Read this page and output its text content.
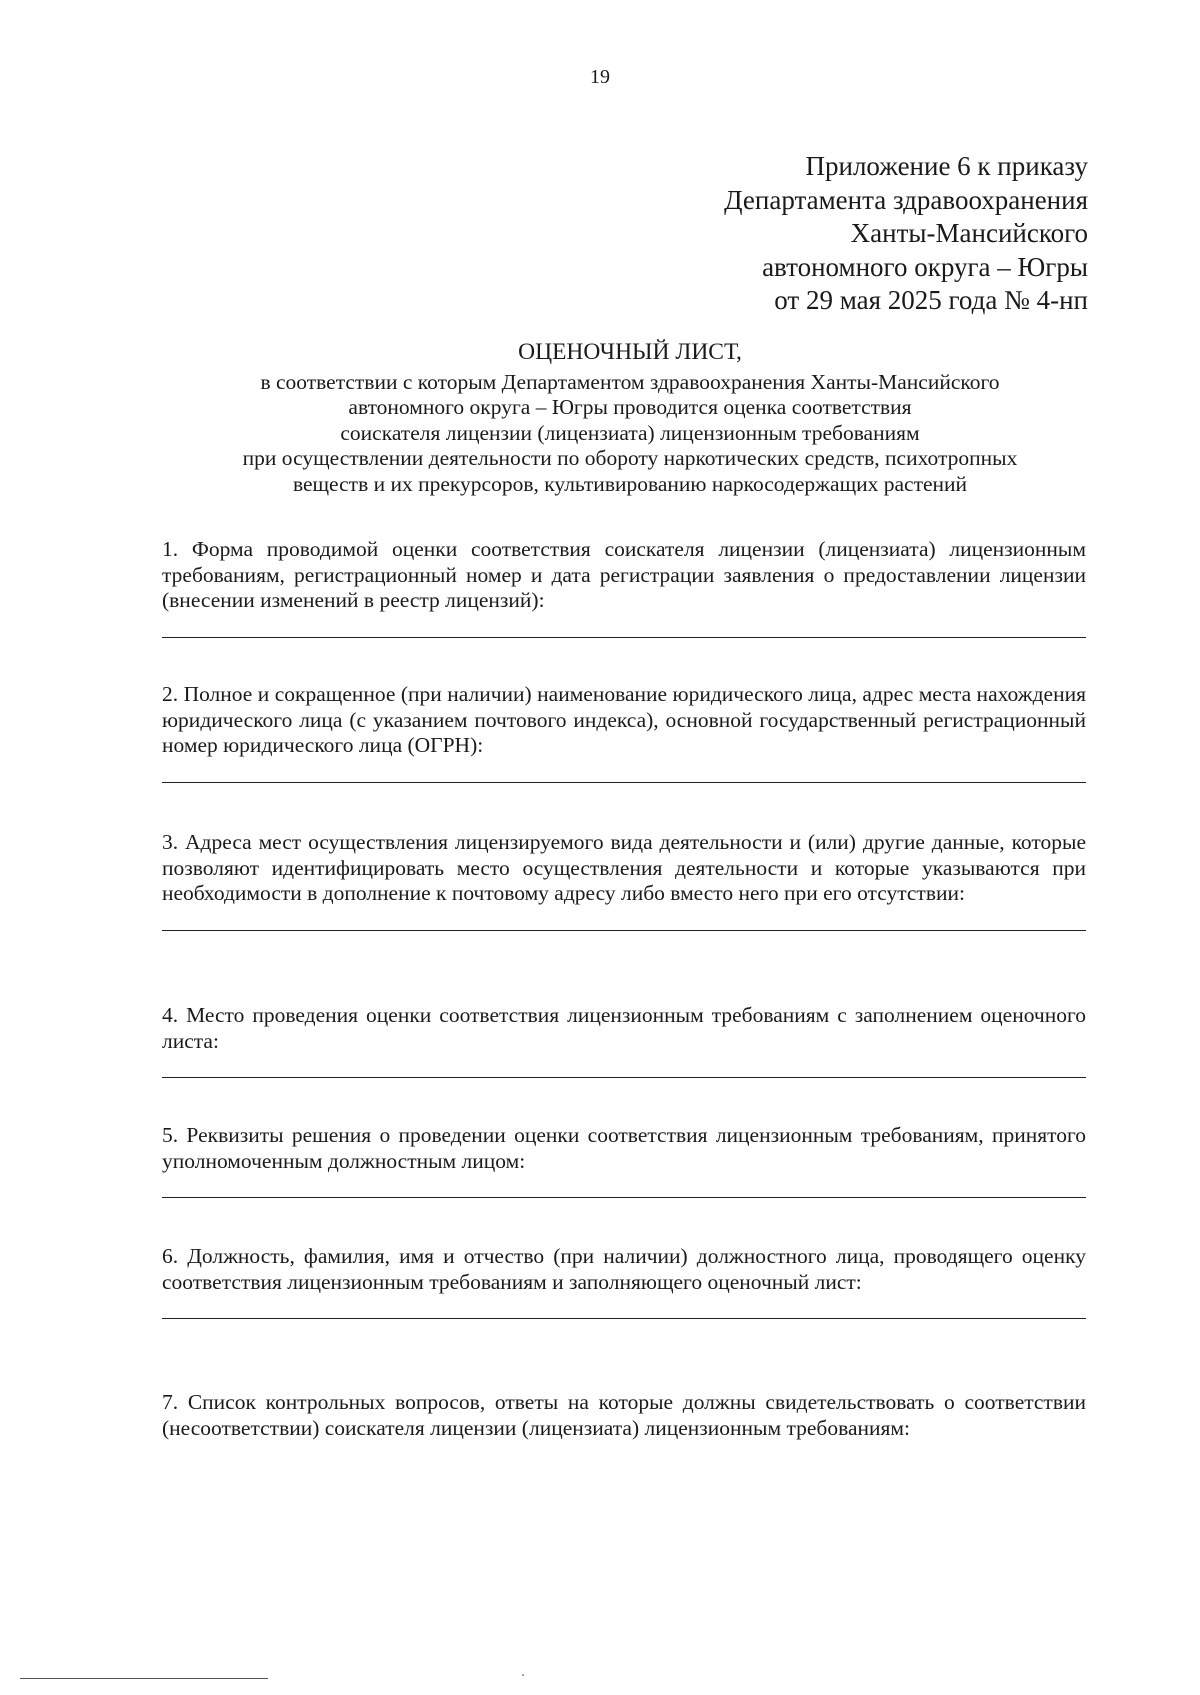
19
Приложение 6 к приказу
Департамента здравоохранения
Ханты-Мансийского
автономного округа – Югры
от 29 мая 2025 года № 4-нп
ОЦЕНОЧНЫЙ ЛИСТ,
в соответствии с которым Департаментом здравоохранения Ханты-Мансийского
автономного округа – Югры проводится оценка соответствия
соискателя лицензии (лицензиата) лицензионным требованиям
при осуществлении деятельности по обороту наркотических средств, психотропных
веществ и их прекурсоров, культивированию наркосодержащих растений
1. Форма проводимой оценки соответствия соискателя лицензии (лицензиата) лицензионным требованиям, регистрационный номер и дата регистрации заявления о предоставлении лицензии (внесении изменений в реестр лицензий):
2. Полное и сокращенное (при наличии) наименование юридического лица, адрес места нахождения юридического лица (с указанием почтового индекса), основной государственный регистрационный номер юридического лица (ОГРН):
3. Адреса мест осуществления лицензируемого вида деятельности и (или) другие данные, которые позволяют идентифицировать место осуществления деятельности и которые указываются при необходимости в дополнение к почтовому адресу либо вместо него при его отсутствии:
4. Место проведения оценки соответствия лицензионным требованиям с заполнением оценочного листа:
5. Реквизиты решения о проведении оценки соответствия лицензионным требованиям, принятого уполномоченным должностным лицом:
6. Должность, фамилия, имя и отчество (при наличии) должностного лица, проводящего оценку соответствия лицензионным требованиям и заполняющего оценочный лист:
7. Список контрольных вопросов, ответы на которые должны свидетельствовать о соответствии (несоответствии) соискателя лицензии (лицензиата) лицензионным требованиям:
